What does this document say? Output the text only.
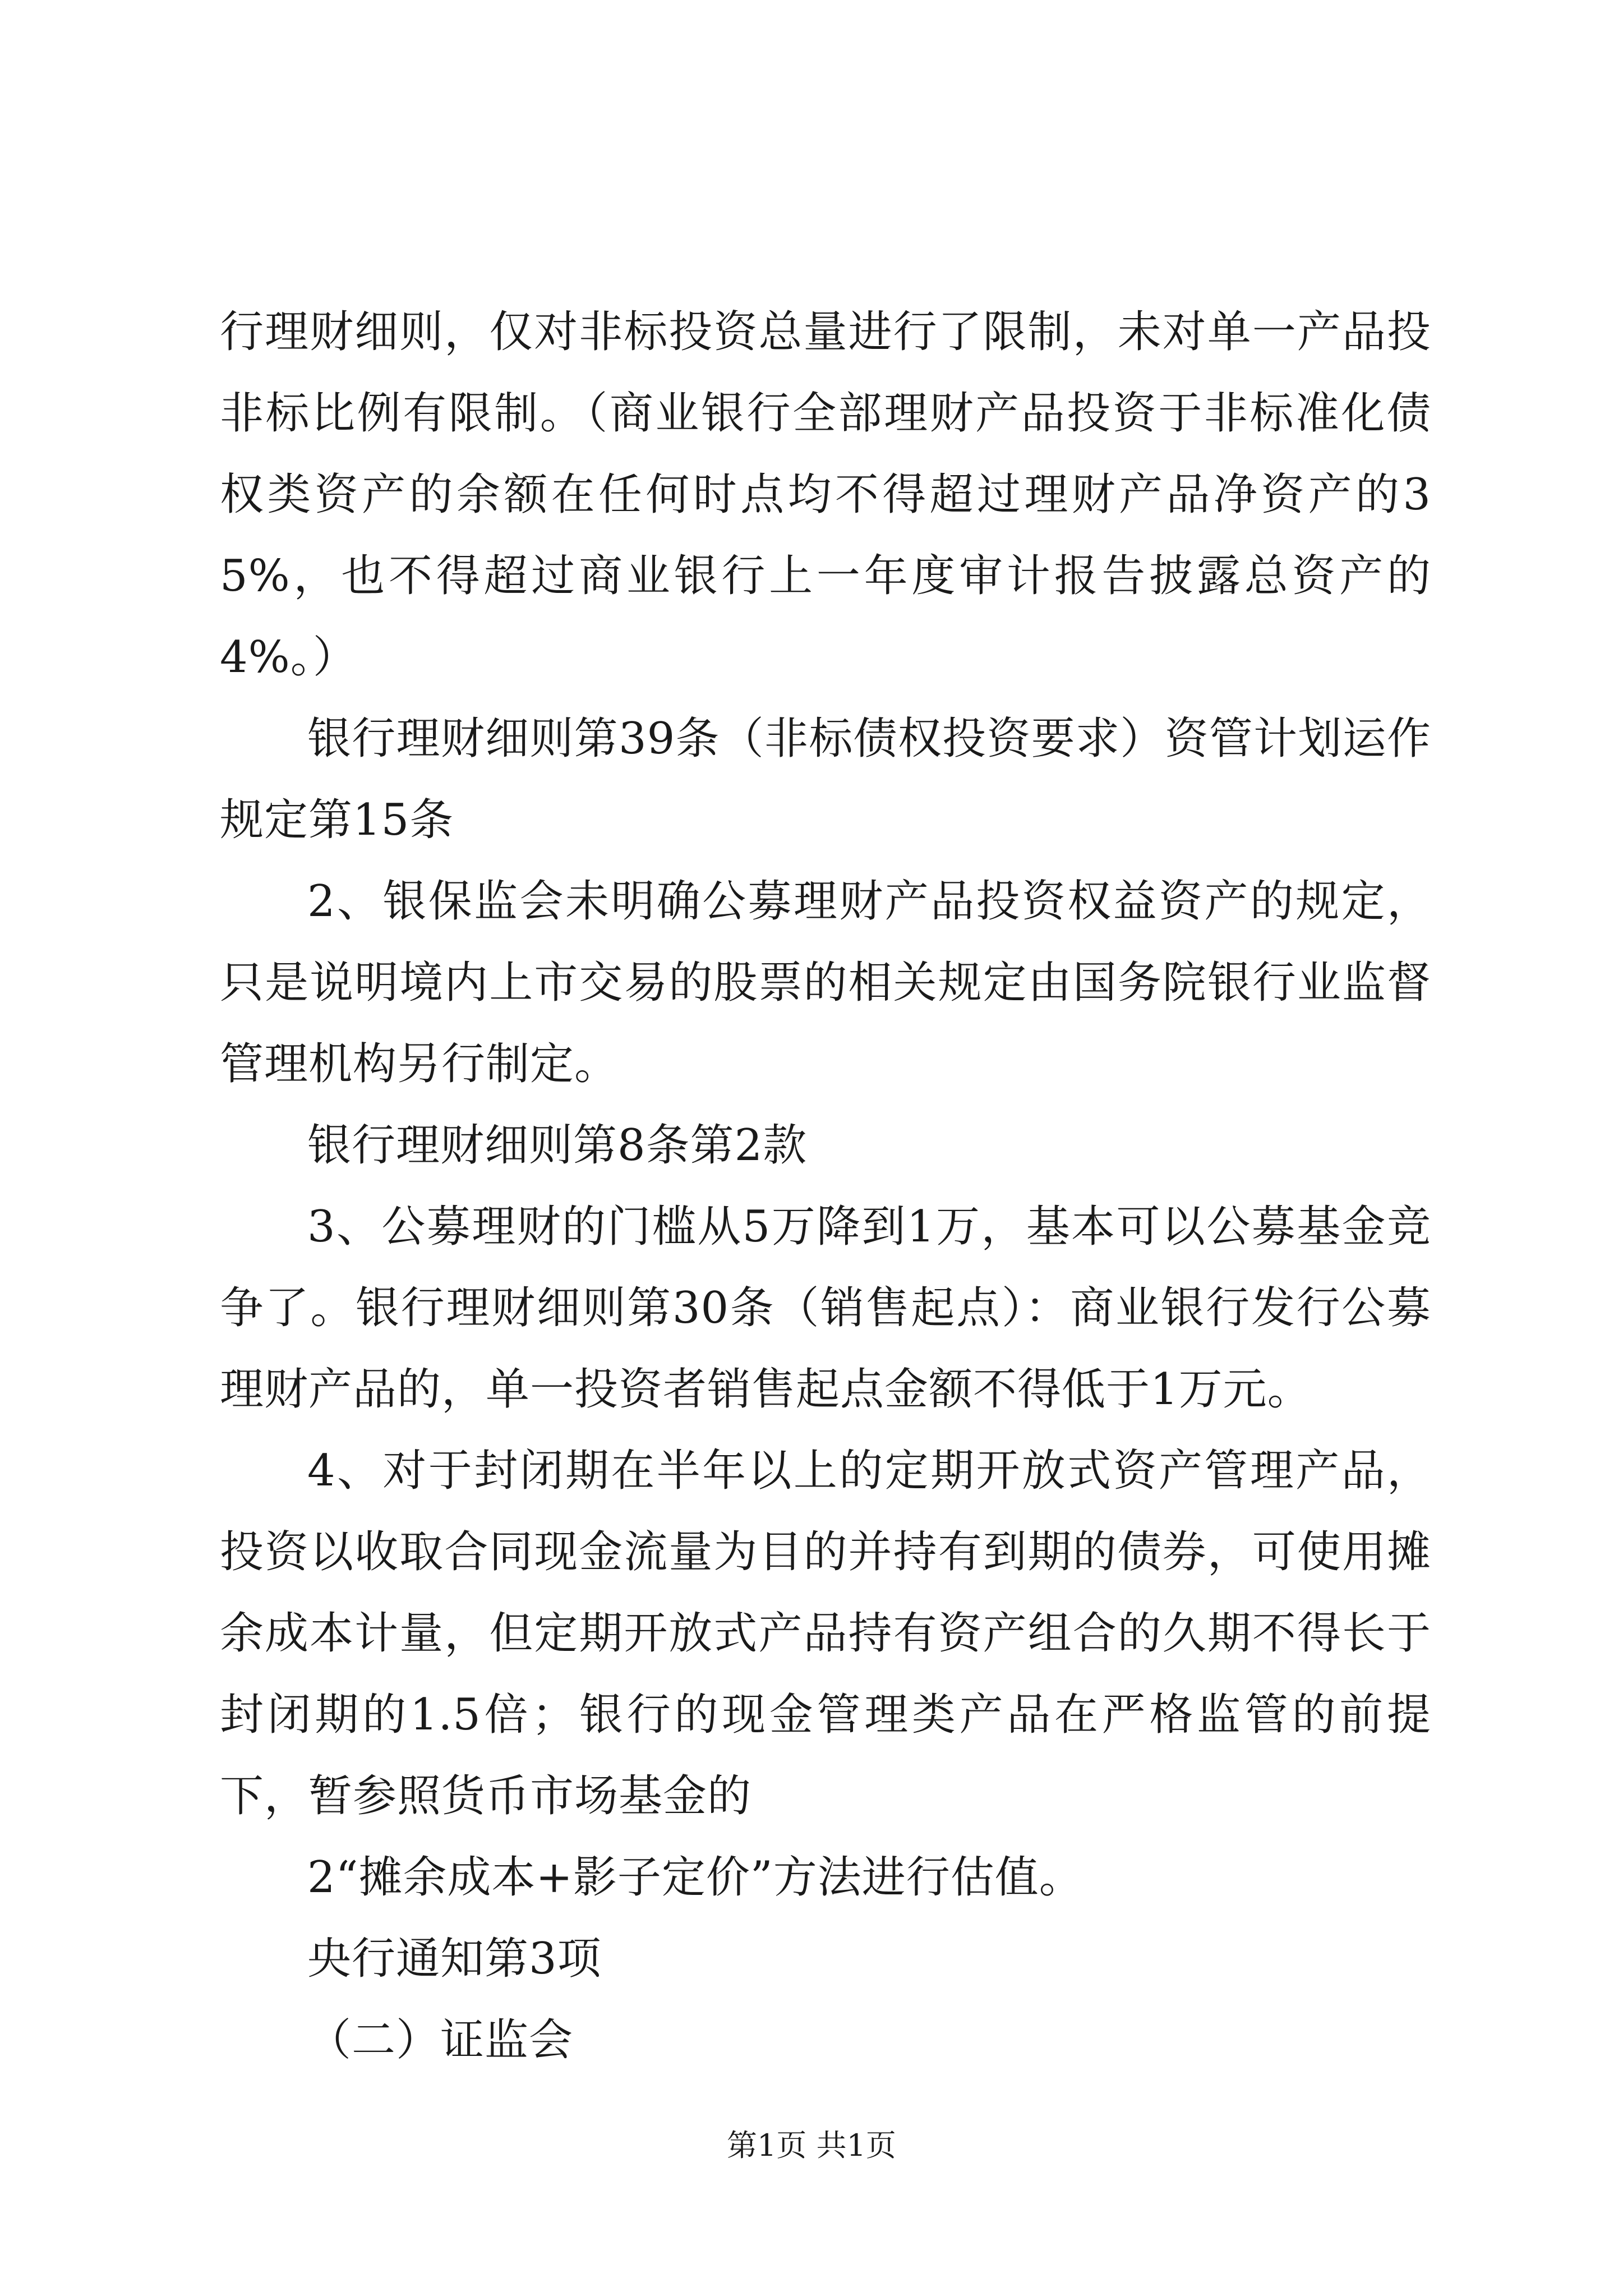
行理财细则，仅对非标投资总量进行了限制，未对单一产品投非标比例有限制。（商业银行全部理财产品投资于非标准化债权类资产的余额在任何时点均不得超过理财产品净资产的35%，也不得超过商业银行上一年度审计报告披露总资产的4%。）

银行理财细则第39条（非标债权投资要求）资管计划运作规定第15条

2、银保监会未明确公募理财产品投资权益资产的规定，只是说明境内上市交易的股票的相关规定由国务院银行业监督管理机构另行制定。

银行理财细则第8条第2款

3、公募理财的门槛从5万降到1万，基本可以公募基金竞争了。银行理财细则第30条（销售起点）：商业银行发行公募理财产品的，单一投资者销售起点金额不得低于1万元。

4、对于封闭期在半年以上的定期开放式资产管理产品，投资以收取合同现金流量为目的并持有到期的债券，可使用摊余成本计量，但定期开放式产品持有资产组合的久期不得长于封闭期的1.5倍；银行的现金管理类产品在严格监管的前提下，暂参照货币市场基金的

2“摊余成本+影子定价”方法进行估值。

央行通知第3项

（二）证监会

第1页 共1页
